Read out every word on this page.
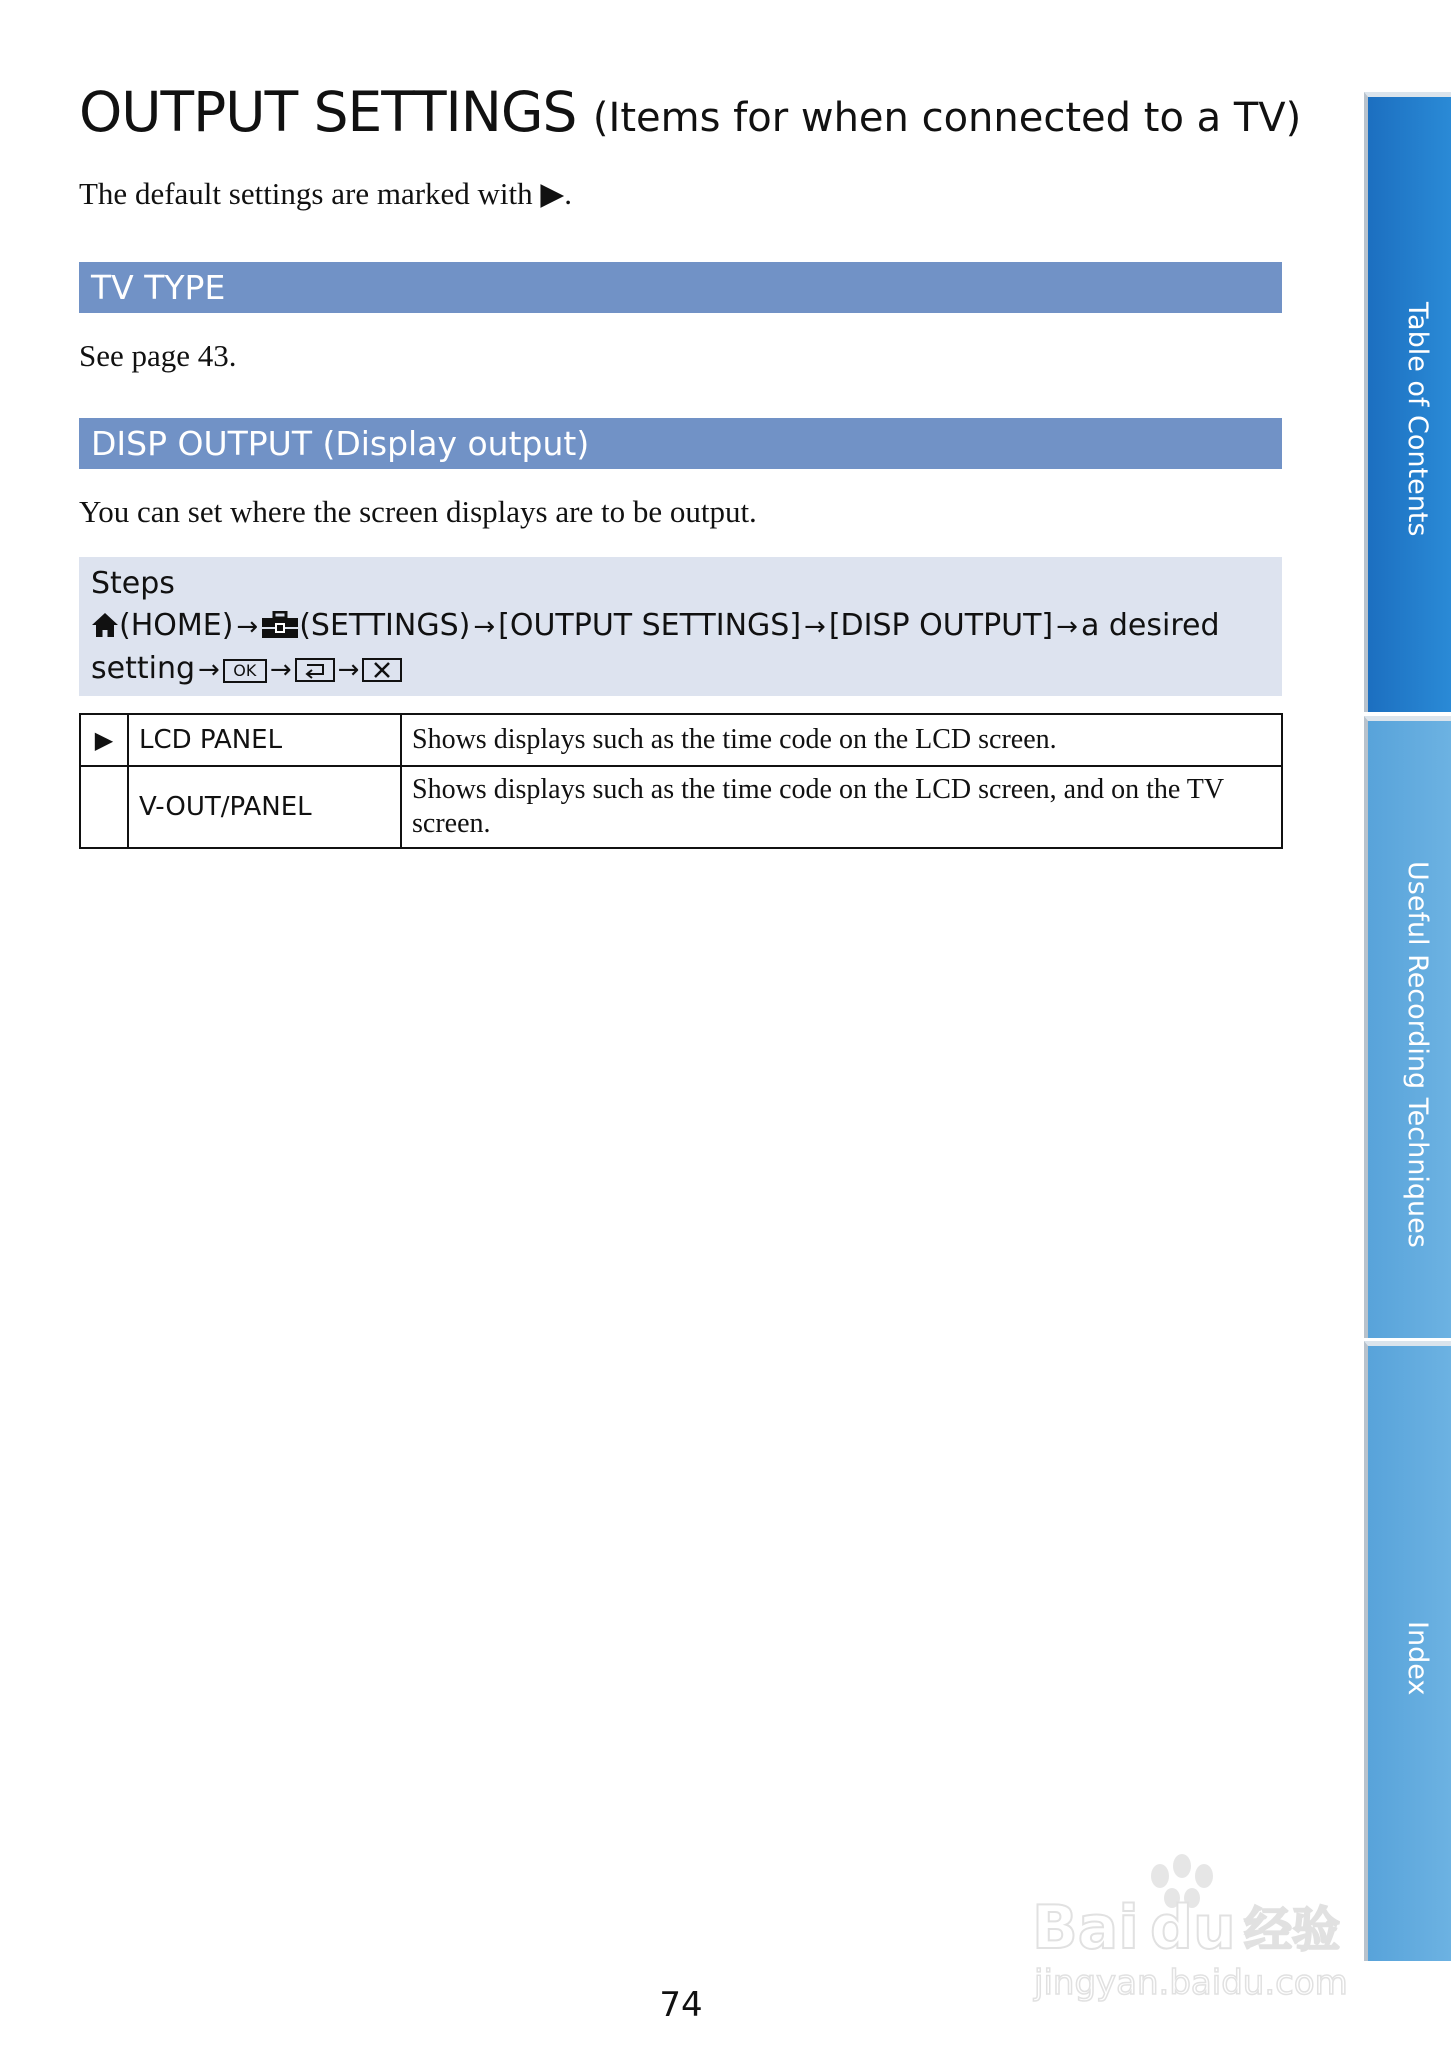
OUTPUT SETTINGS (Items for when connected to a TV)
The default settings are marked with ▶.
TV TYPE
See page 43.
DISP OUTPUT (Display output)
You can set where the screen displays are to be output.
Steps
(HOME) → (SETTINGS) → [OUTPUT SETTINGS] → [DISP OUTPUT] → a desired
setting → OK → →
▶	LCD PANEL	Shows displays such as the time code on the LCD screen.
	V-OUT/PANEL	Shows displays such as the time code on the LCD screen, and on the TV screen.
74
Table of Contents
Useful Recording Techniques
Index
Bai du 经验
jingyan.baidu.com
